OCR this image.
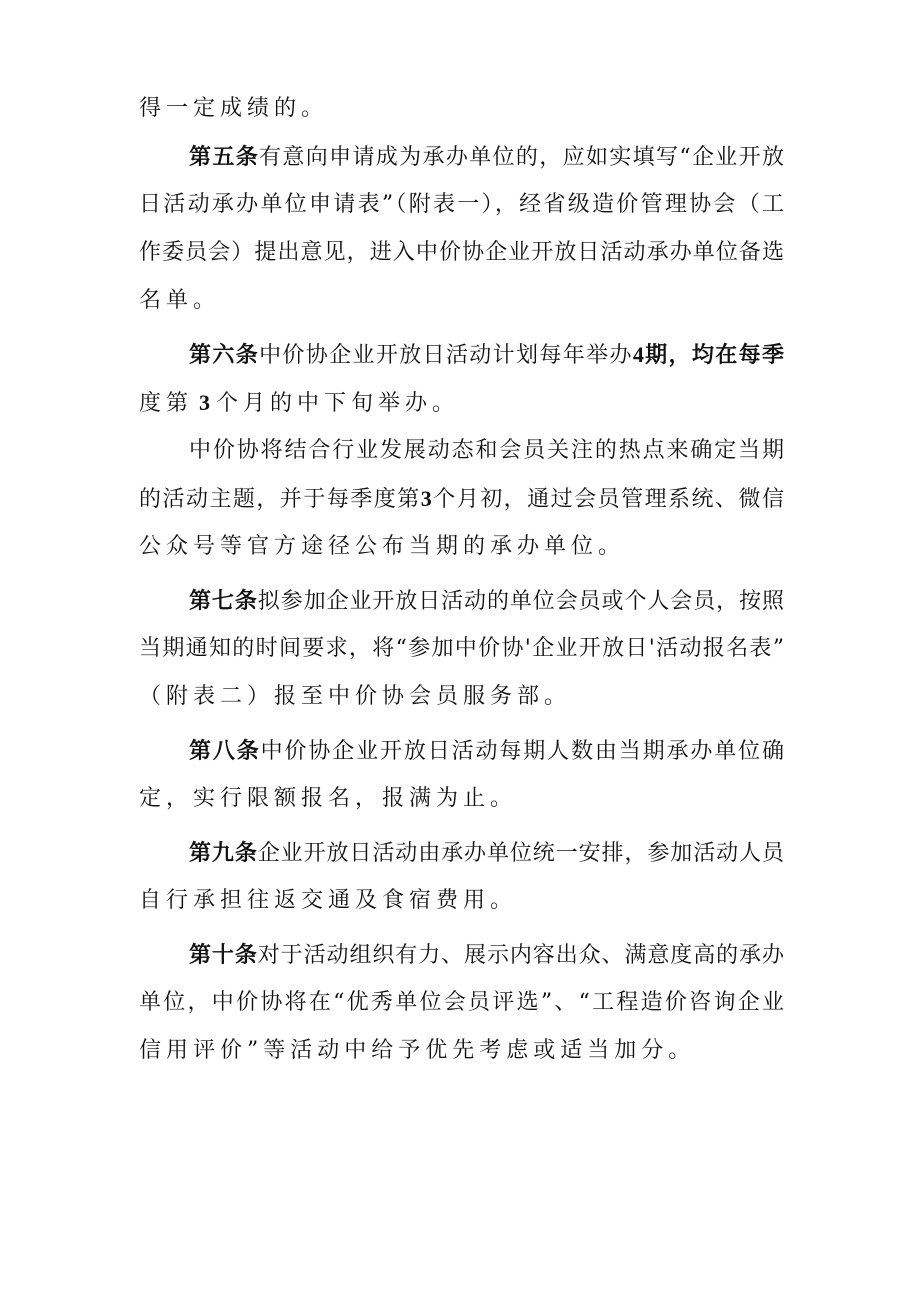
得一定成绩的。
第五条有意向申请成为承办单位的，应如实填写“企业开放
日活动承办单位申请表”（附表一），经省级造价管理协会（工
作委员会）提出意见，进入中价协企业开放日活动承办单位备选
名单。
第六条中价协企业开放日活动计划每年举办4期，均在每季
度第 3 个月的中下旬举办。
中价协将结合行业发展动态和会员关注的热点来确定当期
的活动主题，并于每季度第3个月初，通过会员管理系统、微信
公众号等官方途径公布当期的承办单位。
第七条拟参加企业开放日活动的单位会员或个人会员，按照
当期通知的时间要求，将“参加中价协'企业开放日'活动报名表”
（附表二）报至中价协会员服务部。
第八条中价协企业开放日活动每期人数由当期承办单位确
定，实行限额报名，报满为止。
第九条企业开放日活动由承办单位统一安排，参加活动人员
自行承担往返交通及食宿费用。
第十条对于活动组织有力、展示内容出众、满意度高的承办
单位，中价协将在“优秀单位会员评选”、“工程造价咨询企业
信用评价”等活动中给予优先考虑或适当加分。
